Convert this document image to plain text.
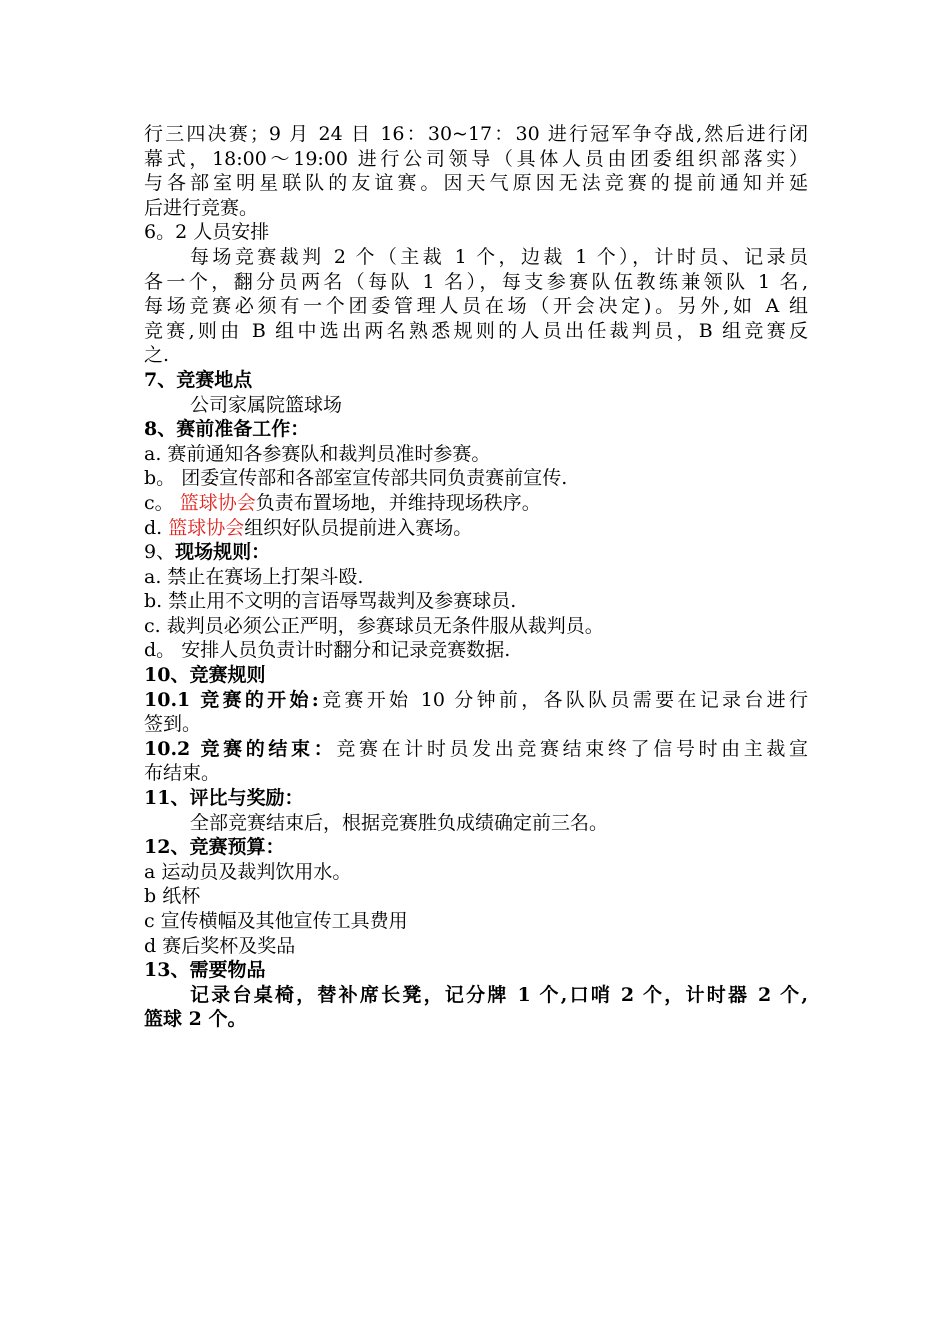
行三四决赛；9 月 24 日 16：30~17：30 进行冠军争夺战,然后进行闭
幕式，18:00～19:00 进行公司领导（具体人员由团委组织部落实）
与各部室明星联队的友谊赛。因天气原因无法竞赛的提前通知并延
后进行竞赛。
6。2 人员安排
每场竞赛裁判 2 个（主裁 1 个，边裁 1 个），计时员、记录员
各一个，翻分员两名（每队 1 名），每支参赛队伍教练兼领队 1 名,
每场竞赛必须有一个团委管理人员在场（开会决定)。另外,如 A 组
竞赛,则由 B 组中选出两名熟悉规则的人员出任裁判员，B 组竞赛反
之.
7、竞赛地点
公司家属院篮球场
8、赛前准备工作：
a. 赛前通知各参赛队和裁判员准时参赛。
b。 团委宣传部和各部室宣传部共同负责赛前宣传.
c。 篮球协会负责布置场地，并维持现场秩序。
d. 篮球协会组织好队员提前进入赛场。
9、现场规则：
a. 禁止在赛场上打架斗殴.
b. 禁止用不文明的言语辱骂裁判及参赛球员.
c. 裁判员必须公正严明，参赛球员无条件服从裁判员。
d。 安排人员负责计时翻分和记录竞赛数据.
10、竞赛规则
10.1 竞赛的开始:竞赛开始 10 分钟前，各队队员需要在记录台进行
签到。
10.2 竞赛的结束：竞赛在计时员发出竞赛结束终了信号时由主裁宣
布结束。
11、评比与奖励：
全部竞赛结束后，根据竞赛胜负成绩确定前三名。
12、竞赛预算：
a 运动员及裁判饮用水。
b 纸杯
c 宣传横幅及其他宣传工具费用
d 赛后奖杯及奖品
13、需要物品
记录台桌椅，替补席长凳，记分牌 1 个,口哨 2 个，计时器 2 个,
篮球 2 个。
